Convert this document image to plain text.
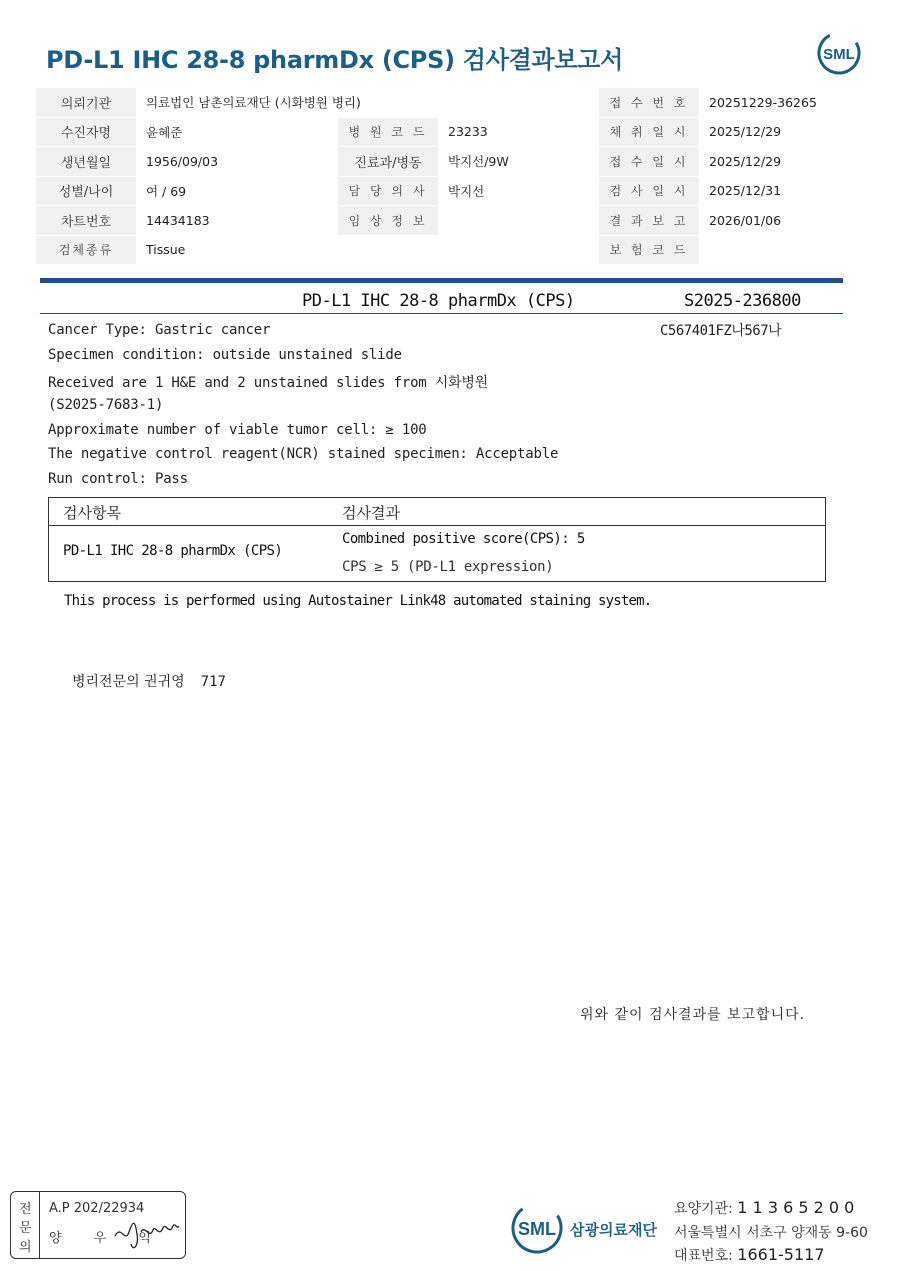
PD-L1 IHC 28-8 pharmDx (CPS) 검사결과보고서	SML
의뢰기관	의료법인 남촌의료재단 (시화병원 병리)			접 수 번 호	20251229-36265
수진자명	윤혜준	병 원 코 드	23233	채 취 일 시	2025/12/29
생년월일	1956/09/03	진료과/병동	박지선/9W	접 수 일 시	2025/12/29
성별/나이	여 / 69	담 당 의 사	박지선	검 사 일 시	2025/12/31
차트번호	14434183	임 상 정 보		결 과 보 고	2026/01/06
검체종류	Tissue			보 험 코 드	
PD-L1 IHC 28-8 pharmDx (CPS)	S2025-236800
C567401FZ나567나
Cancer Type: Gastric cancer
Specimen condition: outside unstained slide
Received are 1 H&E and 2 unstained slides from 시화병원
(S2025-7683-1)
Approximate number of viable tumor cell: ≥ 100
The negative control reagent(NCR) stained specimen: Acceptable
Run control: Pass
검사항목	검사결과
PD-L1 IHC 28-8 pharmDx (CPS)
Combined positive score(CPS): 5
CPS ≥ 5 (PD-L1 expression)
This process is performed using Autostainer Link48 automated staining system.
병리전문의 권귀영 717
위와 같이 검사결과를 보고합니다.
전
문
의
A.P 202/22934
양 우 익	SML 삼광의료재단
요양기관: 1 1 3 6 5 2 0 0
서울특별시 서초구 양재동 9-60
대표번호: 1661-5117
